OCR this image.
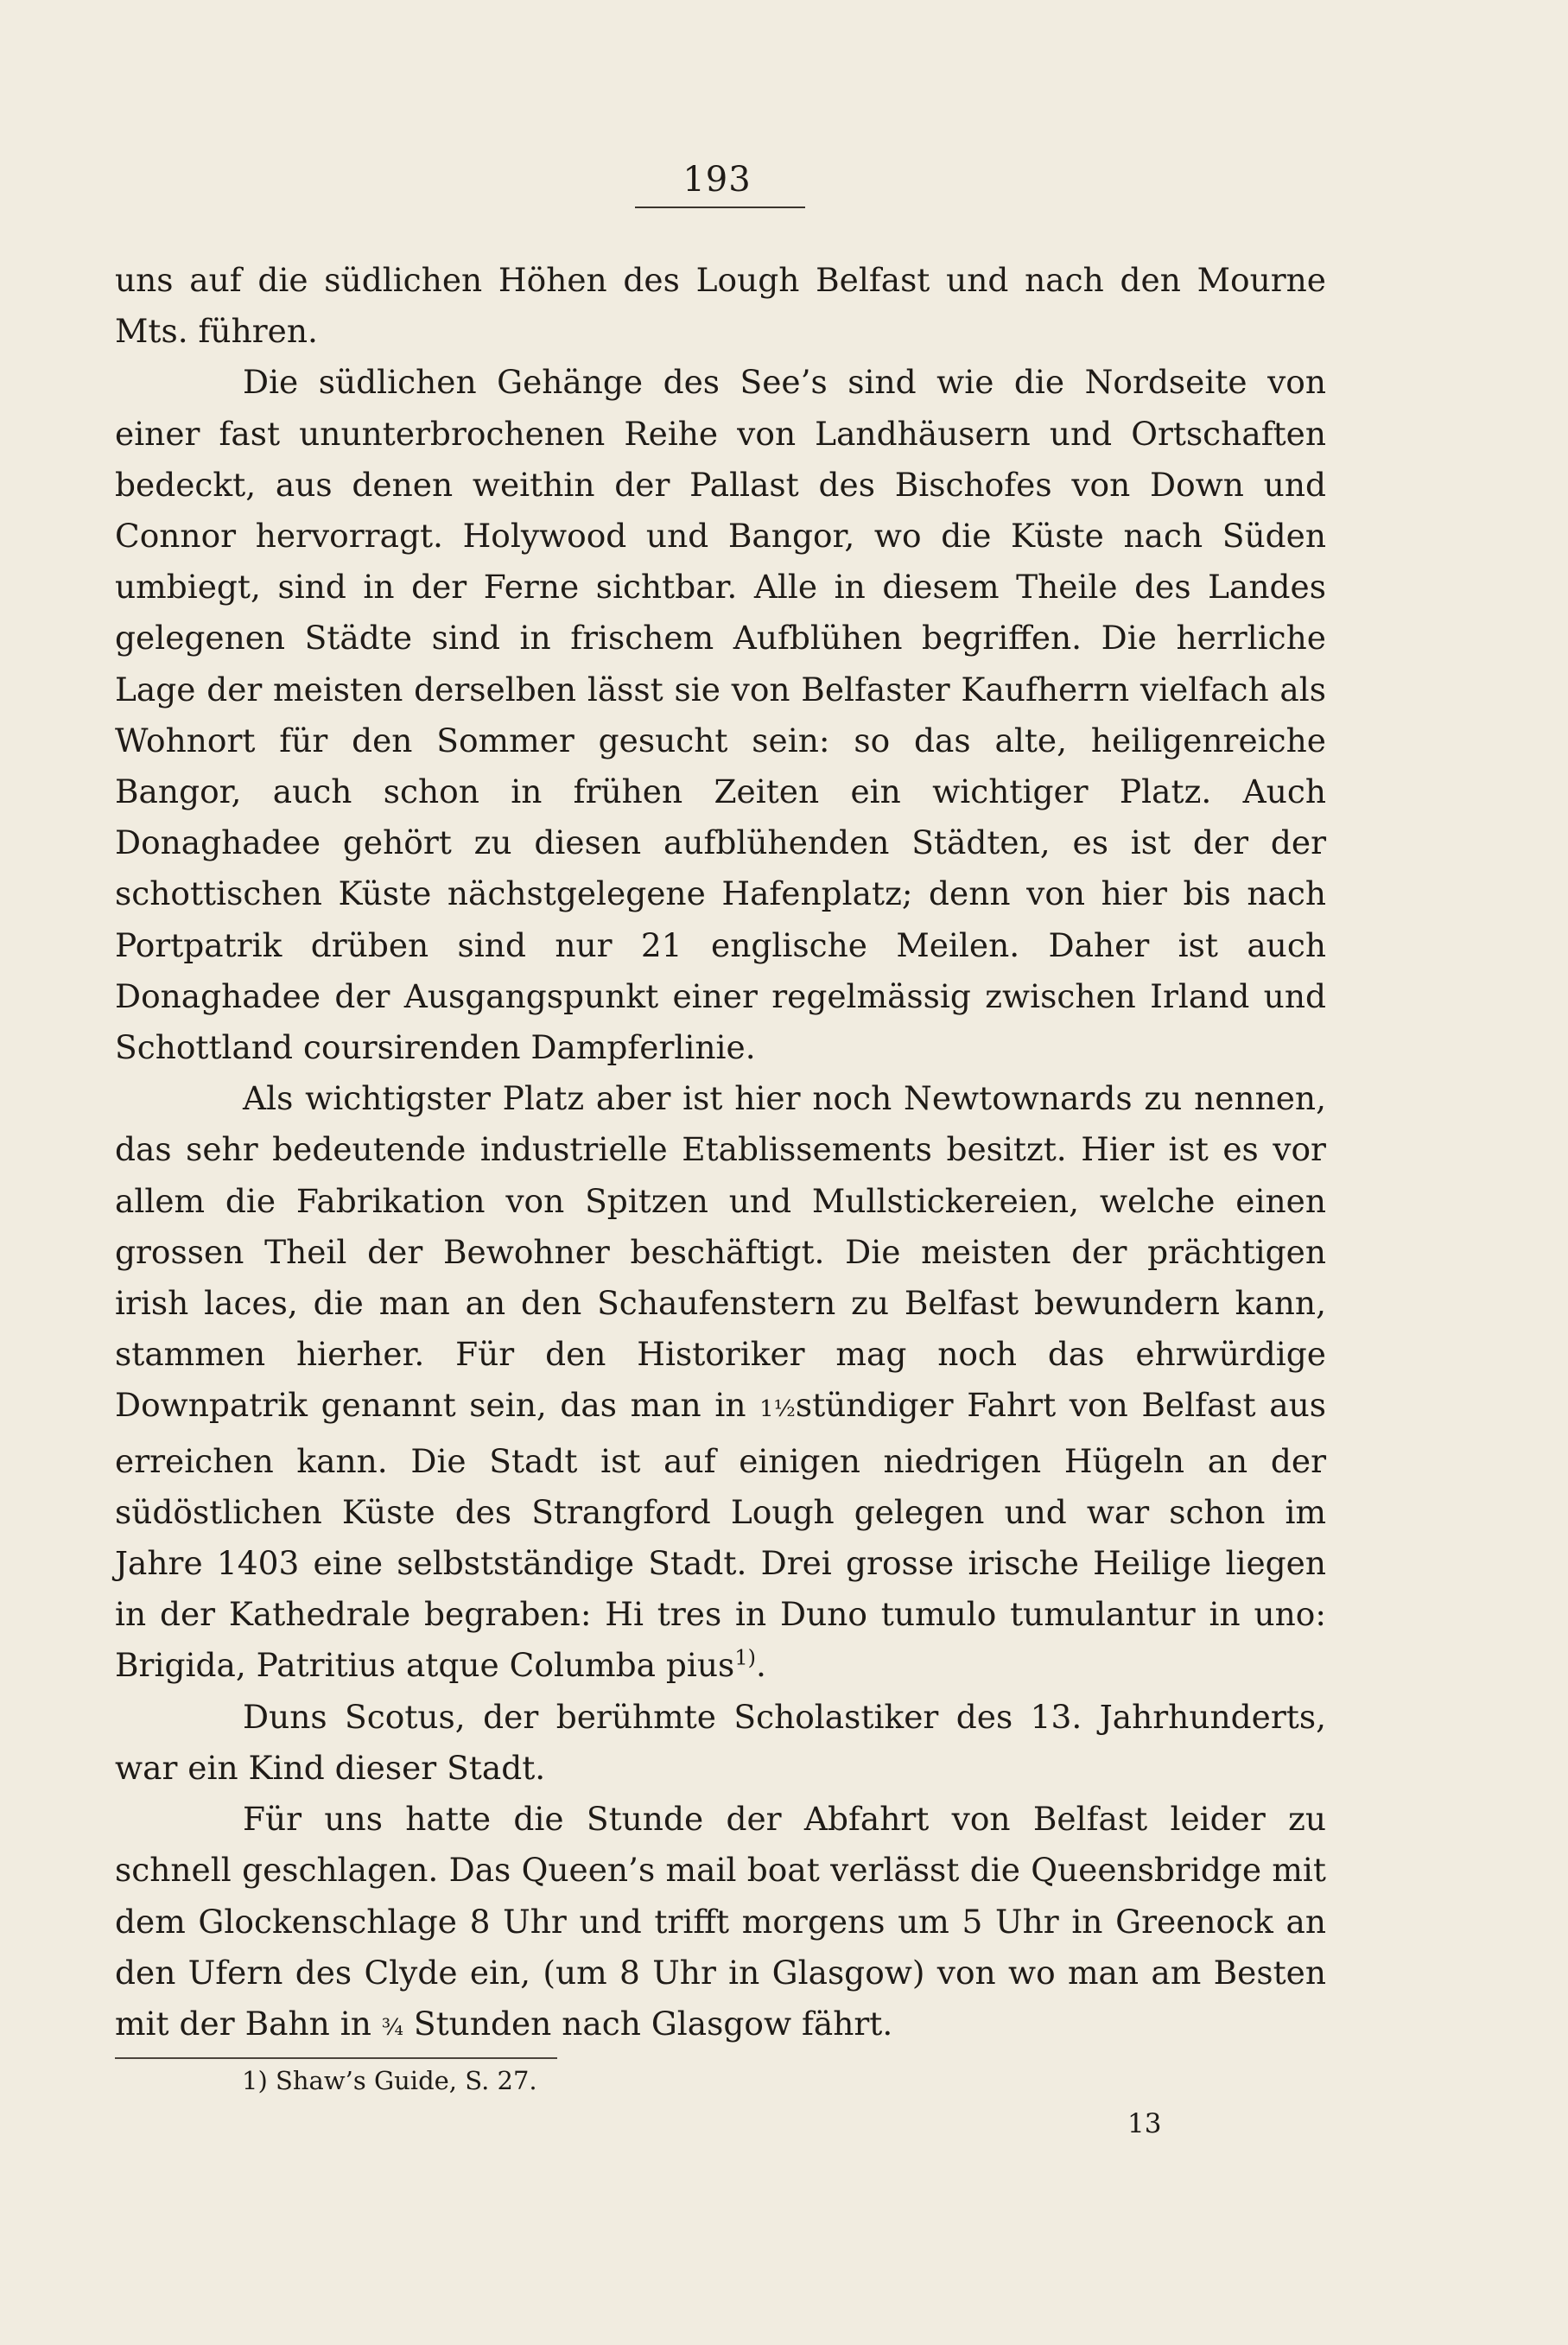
193

uns auf die südlichen Höhen des Lough Belfast und nach den Mourne Mts. führen.

Die südlichen Gehänge des See’s sind wie die Nordseite von einer fast ununterbrochenen Reihe von Landhäusern und Ortschaften bedeckt, aus denen weithin der Pallast des Bischofes von Down und Connor hervorragt. Holywood und Bangor, wo die Küste nach Süden umbiegt, sind in der Ferne sichtbar. Alle in diesem Theile des Landes gelegenen Städte sind in frischem Aufblühen begriffen. Die herrliche Lage der meisten derselben lässt sie von Belfaster Kaufherrn vielfach als Wohnort für den Sommer gesucht sein: so das alte, heiligenreiche Bangor, auch schon in frühen Zeiten ein wichtiger Platz. Auch Donaghadee gehört zu diesen aufblühenden Städten, es ist der der schottischen Küste nächstgelegene Hafenplatz; denn von hier bis nach Portpatrik drüben sind nur 21 englische Meilen. Daher ist auch Donaghadee der Ausgangspunkt einer regelmässig zwischen Irland und Schottland coursirenden Dampferlinie.

Als wichtigster Platz aber ist hier noch Newtownards zu nennen, das sehr bedeutende industrielle Etablissements besitzt. Hier ist es vor allem die Fabrikation von Spitzen und Mullstickereien, welche einen grossen Theil der Bewohner beschäftigt. Die meisten der prächtigen irish laces, die man an den Schaufenstern zu Belfast bewundern kann, stammen hierher. Für den Historiker mag noch das ehrwürdige Downpatrik genannt sein, das man in 1½stündiger Fahrt von Belfast aus erreichen kann. Die Stadt ist auf einigen niedrigen Hügeln an der südöstlichen Küste des Strangford Lough gelegen und war schon im Jahre 1403 eine selbstständige Stadt. Drei grosse irische Heilige liegen in der Kathedrale begraben: Hi tres in Duno tumulo tumulantur in uno: Brigida, Patritius atque Columba pius$^{1)}$.

Duns Scotus, der berühmte Scholastiker des 13. Jahrhunderts, war ein Kind dieser Stadt.

Für uns hatte die Stunde der Abfahrt von Belfast leider zu schnell geschlagen. Das Queen’s mail boat verlässt die Queensbridge mit dem Glockenschlage 8 Uhr und trifft morgens um 5 Uhr in Greenock an den Ufern des Clyde ein, (um 8 Uhr in Glasgow) von wo man am Besten mit der Bahn in ¾ Stunden nach Glasgow fährt.

1) Shaw’s Guide, S. 27.
13
